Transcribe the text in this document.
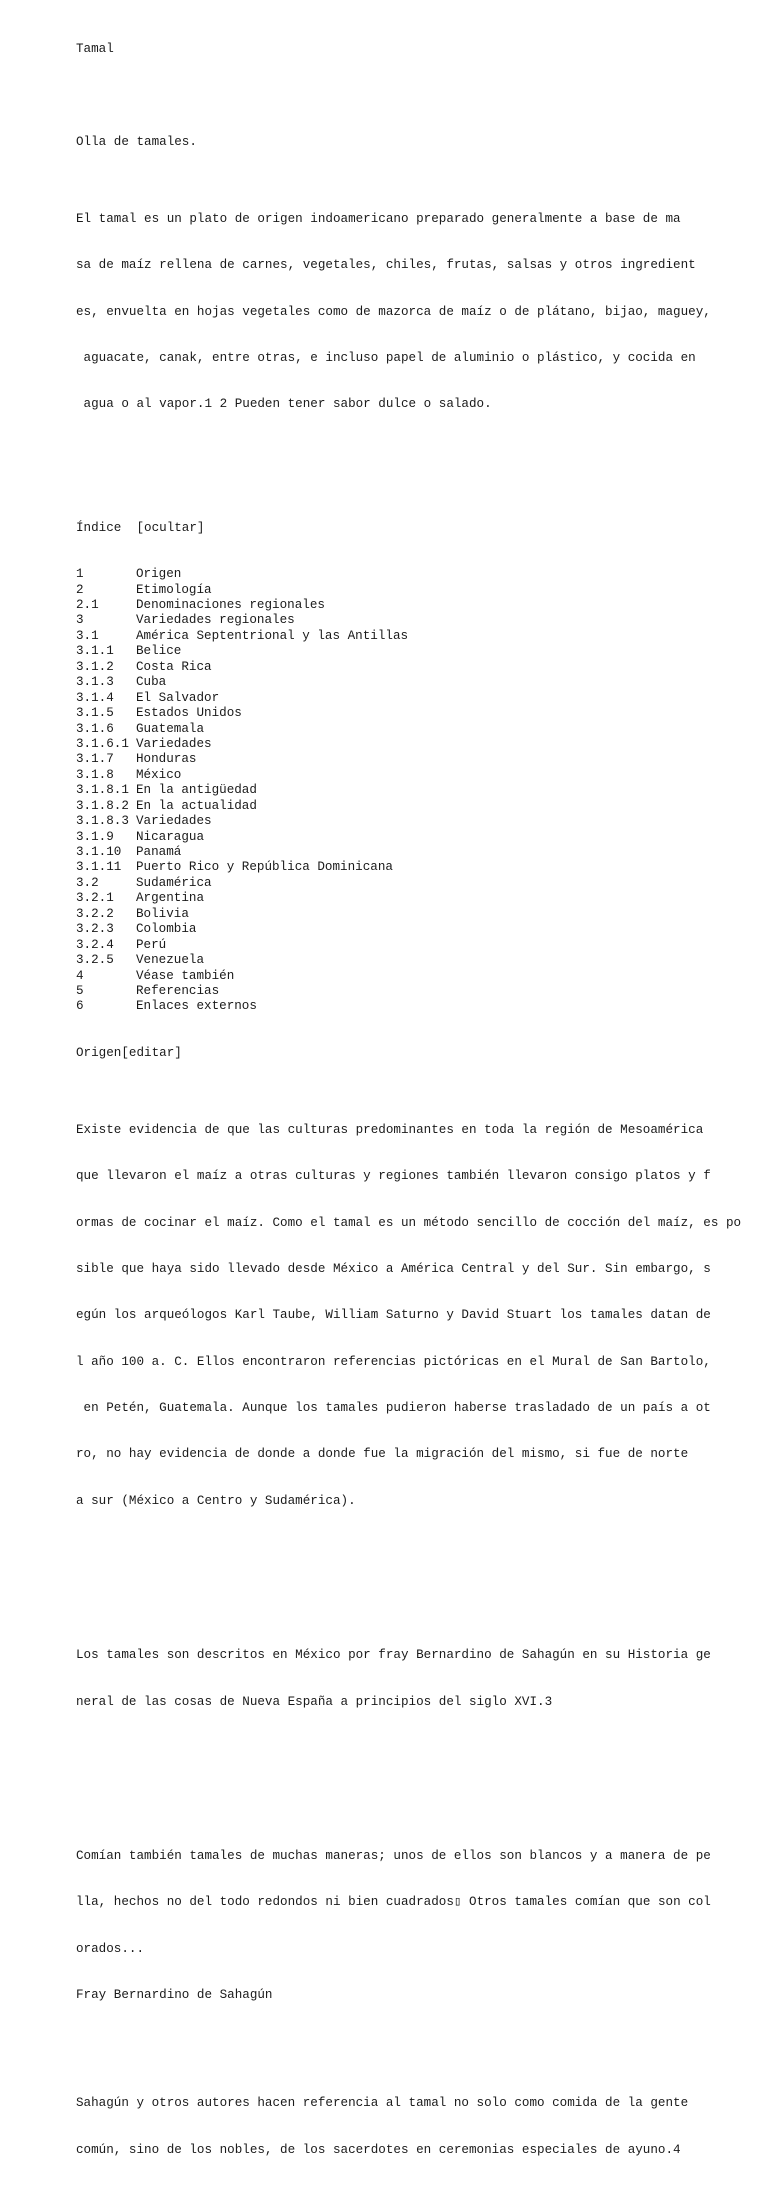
Tamal

Olla de tamales.

El tamal es un plato de origen indoamericano preparado generalmente a base de ma

sa de maíz rellena de carnes, vegetales, chiles, frutas, salsas y otros ingredient

es, envuelta en hojas vegetales como de mazorca de maíz o de plátano, bijao, maguey,

aguacate, canak, entre otras, e incluso papel de aluminio o plástico, y cocida en

agua o al vapor.1 2 Pueden tener sabor dulce o salado.

Índice  [ocultar]

1	Origen
2	Etimología
2.1	Denominaciones regionales
3	Variedades regionales
3.1	América Septentrional y las Antillas
3.1.1 Belice
3.1.2 Costa Rica
3.1.3 Cuba
3.1.4 El Salvador
3.1.5 Estados Unidos
3.1.6 Guatemala
3.1.6.1 Variedades
3.1.7 Honduras
3.1.8 México
3.1.8.1 En la antigüedad
3.1.8.2 En la actualidad
3.1.8.3 Variedades
3.1.9 Nicaragua
3.1.10 Panamá
3.1.11 Puerto Rico y República Dominicana
3.2	Sudamérica
3.2.1 Argentina
3.2.2 Bolivia
3.2.3 Colombia
3.2.4 Perú
3.2.5 Venezuela
4	Véase también
5	Referencias
6	Enlaces externos

Origen[editar]

Existe evidencia de que las culturas predominantes en toda la región de Mesoamérica

que llevaron el maíz a otras culturas y regiones también llevaron consigo platos y f

ormas de cocinar el maíz. Como el tamal es un método sencillo de cocción del maíz, es po

sible que haya sido llevado desde México a América Central y del Sur. Sin embargo, s

egún los arqueólogos Karl Taube, William Saturno y David Stuart los tamales datan de

l año 100 a. C. Ellos encontraron referencias pictóricas en el Mural de San Bartolo,

en Petén, Guatemala. Aunque los tamales pudieron haberse trasladado de un país a ot

ro, no hay evidencia de donde a donde fue la migración del mismo, si fue de norte

a sur (México a Centro y Sudamérica).

Los tamales son descritos en México por fray Bernardino de Sahagún en su Historia ge

neral de las cosas de Nueva España a principios del siglo XVI.3

Comían también tamales de muchas maneras; unos de ellos son blancos y a manera de pe

lla, hechos no del todo redondos ni bien cuadrados▯ Otros tamales comían que son col

orados...

Fray Bernardino de Sahagún

Sahagún y otros autores hacen referencia al tamal no solo como comida de la gente

común, sino de los nobles, de los sacerdotes en ceremonias especiales de ayuno.4
